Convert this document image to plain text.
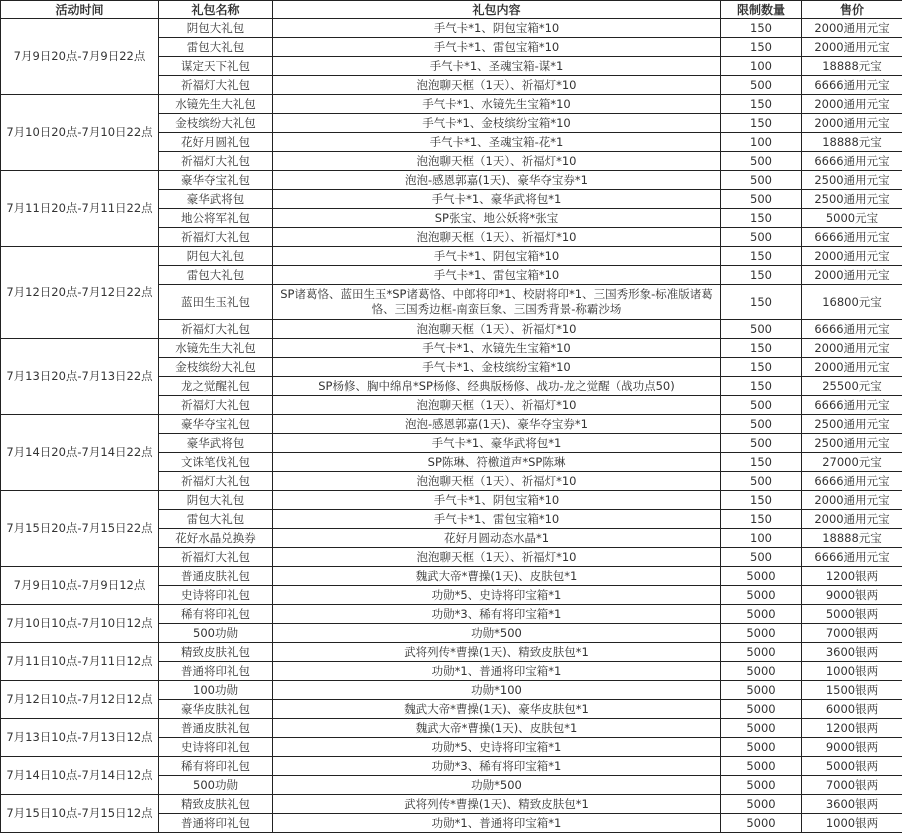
活动时间	礼包名称	礼包内容	限制数量	售价
7月9日20点-7月9日22点	阴包大礼包	手气卡*1、阴包宝箱*10	150	2000通用元宝
	雷包大礼包	手气卡*1、雷包宝箱*10	150	2000通用元宝
	谋定天下礼包	手气卡*1、圣魂宝箱-谋*1	100	18888元宝
	祈福灯大礼包	泡泡聊天框（1天）、祈福灯*10	500	6666通用元宝
7月10日20点-7月10日22点	水镜先生大礼包	手气卡*1、水镜先生宝箱*10	150	2000通用元宝
	金枝缤纷大礼包	手气卡*1、金枝缤纷宝箱*10	150	2000通用元宝
	花好月圆礼包	手气卡*1、圣魂宝箱-花*1	100	18888元宝
	祈福灯大礼包	泡泡聊天框（1天）、祈福灯*10	500	6666通用元宝
7月11日20点-7月11日22点	豪华夺宝礼包	泡泡-感恩郭嘉(1天)、豪华夺宝券*1	500	2500通用元宝
	豪华武将包	手气卡*1、豪华武将包*1	500	2500通用元宝
	地公将军礼包	SP张宝、地公妖将*张宝	150	5000元宝
	祈福灯大礼包	泡泡聊天框（1天）、祈福灯*10	500	6666通用元宝
7月12日20点-7月12日22点	阴包大礼包	手气卡*1、阴包宝箱*10	150	2000通用元宝
	雷包大礼包	手气卡*1、雷包宝箱*10	150	2000通用元宝
	蓝田生玉礼包	SP诸葛恪、蓝田生玉*SP诸葛恪、中郎将印*1、校尉将印*1、三国秀形象-标准版诸葛恪、三国秀边框-南蛮巨象、三国秀背景-称霸沙场	150	16800元宝
	祈福灯大礼包	泡泡聊天框（1天）、祈福灯*10	500	6666通用元宝
7月13日20点-7月13日22点	水镜先生大礼包	手气卡*1、水镜先生宝箱*10	150	2000通用元宝
	金枝缤纷大礼包	手气卡*1、金枝缤纷宝箱*10	150	2000通用元宝
	龙之觉醒礼包	SP杨修、胸中绵帛*SP杨修、经典版杨修、战功-龙之觉醒（战功点50)	150	25500元宝
	祈福灯大礼包	泡泡聊天框（1天）、祈福灯*10	500	6666通用元宝
7月14日20点-7月14日22点	豪华夺宝礼包	泡泡-感恩郭嘉(1天)、豪华夺宝券*1	500	2500通用元宝
	豪华武将包	手气卡*1、豪华武将包*1	500	2500通用元宝
	文诛笔伐礼包	SP陈琳、符檄道声*SP陈琳	150	27000元宝
	祈福灯大礼包	泡泡聊天框（1天）、祈福灯*10	500	6666通用元宝
7月15日20点-7月15日22点	阴包大礼包	手气卡*1、阴包宝箱*10	150	2000通用元宝
	雷包大礼包	手气卡*1、雷包宝箱*10	150	2000通用元宝
	花好水晶兑换券	花好月圆动态水晶*1	100	18888元宝
	祈福灯大礼包	泡泡聊天框（1天）、祈福灯*10	500	6666通用元宝
7月9日10点-7月9日12点	普通皮肤礼包	魏武大帝*曹操(1天)、皮肤包*1	5000	1200银两
	史诗将印礼包	功勋*5、史诗将印宝箱*1	5000	9000银两
7月10日10点-7月10日12点	稀有将印礼包	功勋*3、稀有将印宝箱*1	5000	5000银两
	500功勋	功勋*500	5000	7000银两
7月11日10点-7月11日12点	精致皮肤礼包	武将列传*曹操(1天)、精致皮肤包*1	5000	3600银两
	普通将印礼包	功勋*1、普通将印宝箱*1	5000	1000银两
7月12日10点-7月12日12点	100功勋	功勋*100	5000	1500银两
	豪华皮肤礼包	魏武大帝*曹操(1天)、豪华皮肤包*1	5000	6000银两
7月13日10点-7月13日12点	普通皮肤礼包	魏武大帝*曹操(1天)、皮肤包*1	5000	1200银两
	史诗将印礼包	功勋*5、史诗将印宝箱*1	5000	9000银两
7月14日10点-7月14日12点	稀有将印礼包	功勋*3、稀有将印宝箱*1	5000	5000银两
	500功勋	功勋*500	5000	7000银两
7月15日10点-7月15日12点	精致皮肤礼包	武将列传*曹操(1天)、精致皮肤包*1	5000	3600银两
	普通将印礼包	功勋*1、普通将印宝箱*1	5000	1000银两
